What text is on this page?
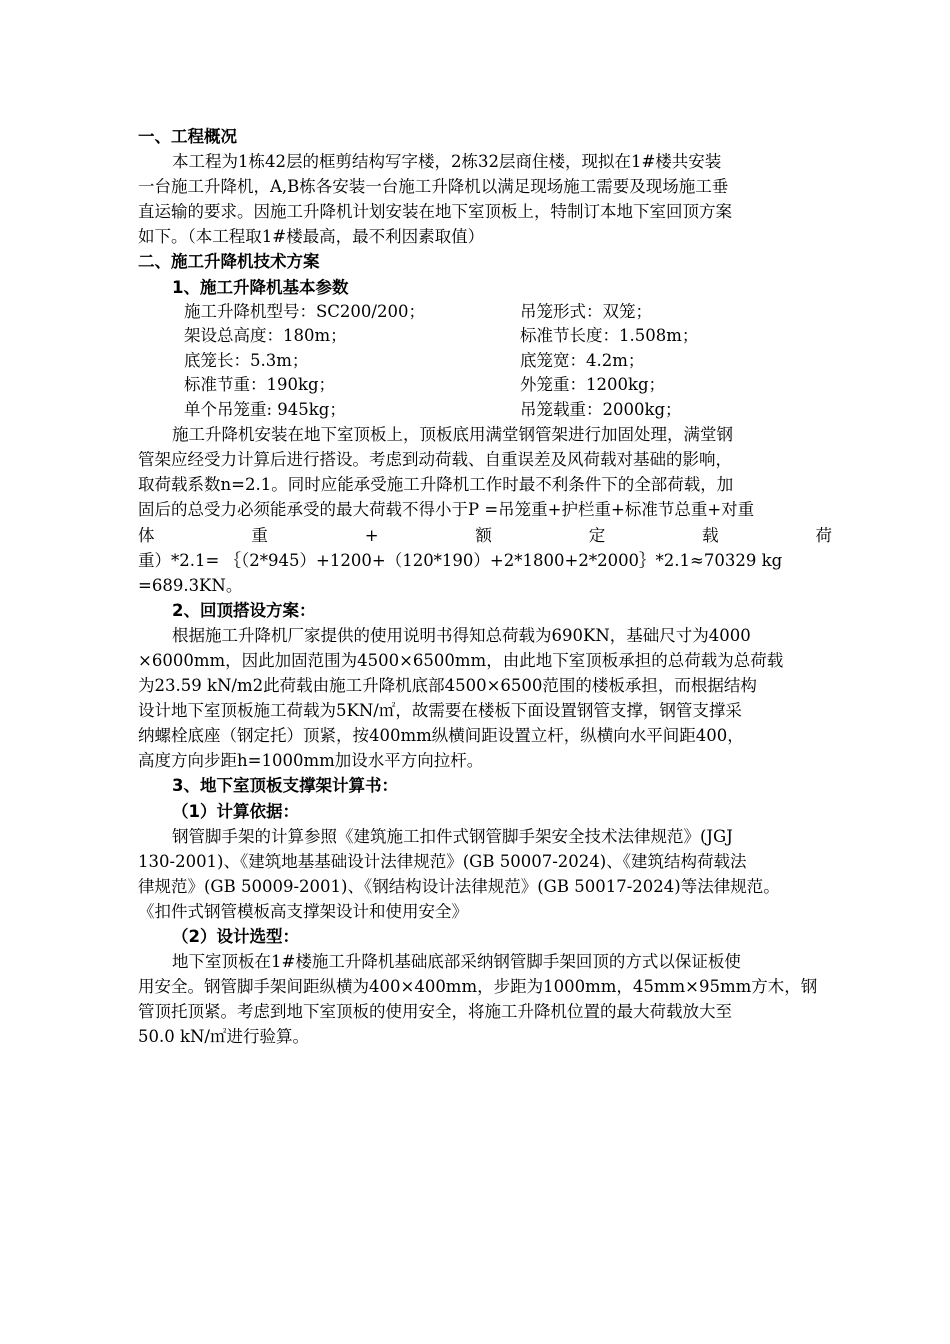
一、工程概况
本工程为1栋42层的框剪结构写字楼，2栋32层商住楼，现拟在1#楼共安装
一台施工升降机，A,B栋各安装一台施工升降机以满足现场施工需要及现场施工垂
直运输的要求。因施工升降机计划安装在地下室顶板上，特制订本地下室回顶方案
如下。（本工程取1#楼最高，最不利因素取值）
二、施工升降机技术方案
1、施工升降机基本参数
施工升降机型号：SC200/200；	吊笼形式：双笼；
架设总高度：180m；	标准节长度：1.508m；
底笼长：5.3m；	底笼宽：4.2m；
标准节重：190kg；	外笼重：1200kg；
单个吊笼重: 945kg；	吊笼载重：2000kg；
施工升降机安装在地下室顶板上，顶板底用满堂钢管架进行加固处理，满堂钢
管架应经受力计算后进行搭设。考虑到动荷载、自重误差及风荷载对基础的影响，
取荷载系数n=2.1。同时应能承受施工升降机工作时最不利条件下的全部荷载，加
固后的总受力必须能承受的最大荷载不得小于P =吊笼重+护栏重+标准节总重+对重
体	重	+	额	定	载	荷
重）*2.1= ｛（2*945）+1200+（120*190）+2*1800+2*2000｝*2.1≈70329 kg
=689.3KN。
2、回顶搭设方案：
根据施工升降机厂家提供的使用说明书得知总荷载为690KN，基础尺寸为4000
×6000mm，因此加固范围为4500×6500mm，由此地下室顶板承担的总荷载为总荷载
为23.59 kN/m2此荷载由施工升降机底部4500×6500范围的楼板承担，而根据结构
设计地下室顶板施工荷载为5KN/㎡，故需要在楼板下面设置钢管支撑，钢管支撑采
纳螺栓底座（钢定托）顶紧，按400mm纵横间距设置立杆，纵横向水平间距400，
高度方向步距h=1000mm加设水平方向拉杆。
3、地下室顶板支撑架计算书：
（1）计算依据：
钢管脚手架的计算参照《建筑施工扣件式钢管脚手架安全技术法律规范》(JGJ
130-2001)、《建筑地基基础设计法律规范》(GB 50007-2024)、《建筑结构荷载法
律规范》(GB 50009-2001)、《钢结构设计法律规范》(GB 50017-2024)等法律规范。
《扣件式钢管模板高支撑架设计和使用安全》
（2）设计选型：
地下室顶板在1#楼施工升降机基础底部采纳钢管脚手架回顶的方式以保证板使
用安全。钢管脚手架间距纵横为400×400mm，步距为1000mm，45mm×95mm方木，钢
管顶托顶紧。考虑到地下室顶板的使用安全，将施工升降机位置的最大荷载放大至
50.0 kN/㎡进行验算。
